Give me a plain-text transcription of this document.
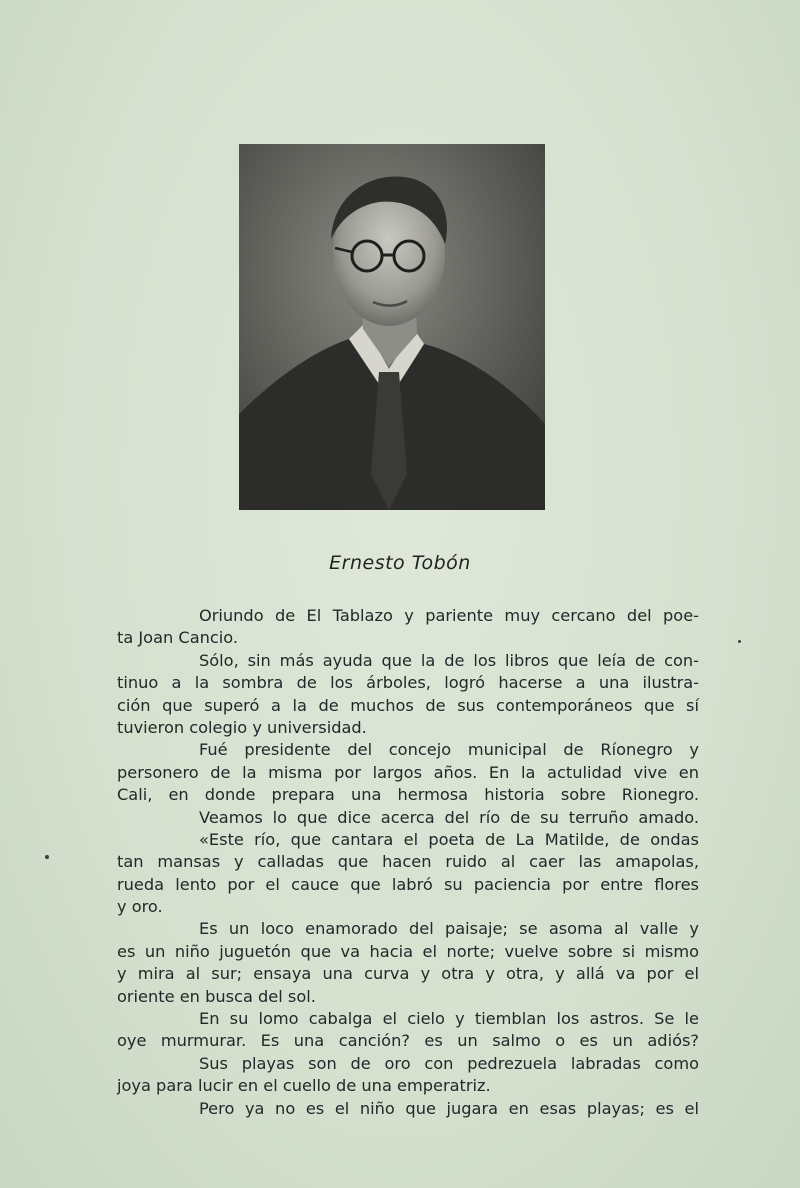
Ernesto Tobón
Oriundo de El Tablazo y pariente muy cercano del poe-
ta Joan Cancio.
Sólo, sin más ayuda que la de los libros que leía de con-
tinuo a la sombra de los árboles, logró hacerse a una ilustra-
ción que superó a la de muchos de sus contemporáneos que sí
tuvieron colegio y universidad.
Fué presidente del concejo municipal de Ríonegro y
personero de la misma por largos años. En la actulidad vive en
Cali, en donde prepara una hermosa historia sobre Rionegro.
Veamos lo que dice acerca del río de su terruño amado.
«Este río, que cantara el poeta de La Matilde, de ondas
tan mansas y calladas que hacen ruido al caer las amapolas,
rueda lento por el cauce que labró su paciencia por entre flores
y oro.
Es un loco enamorado del paisaje; se asoma al valle y
es un niño juguetón que va hacia el norte; vuelve sobre si mismo
y mira al sur; ensaya una curva y otra y otra, y allá va por el
oriente en busca del sol.
En su lomo cabalga el cielo y tiemblan los astros. Se le
oye murmurar. Es una canción? es un salmo o es un adiós?
Sus playas son de oro con pedrezuela labradas como
joya para lucir en el cuello de una emperatriz.
Pero ya no es el niño que jugara en esas playas; es el
